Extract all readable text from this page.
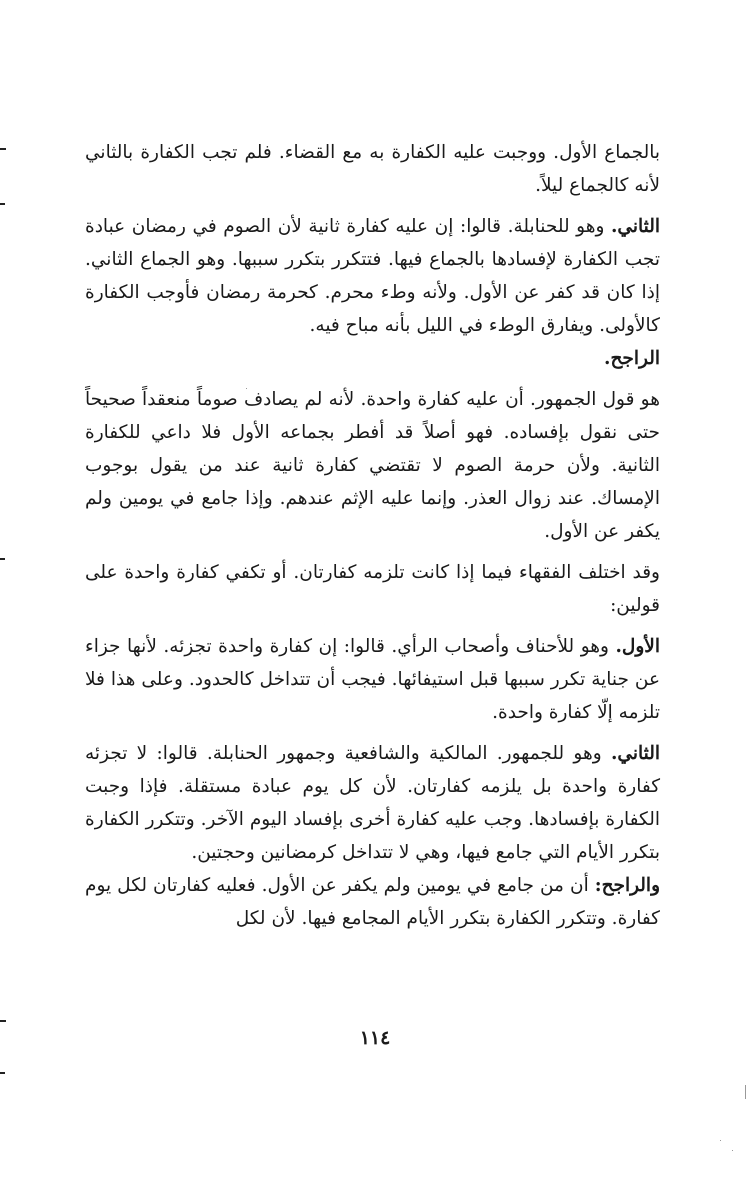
بالجماع الأول. ووجبت عليه الكفارة به مع القضاء. فلم تجب الكفارة بالثاني لأنه كالجماع ليلاً.

الثاني. وهو للحنابلة. قالوا: إن عليه كفارة ثانية لأن الصوم في رمضان عبادة تجب الكفارة لإفسادها بالجماع فيها. فتتكرر بتكرر سببها. وهو الجماع الثاني. إذا كان قد كفر عن الأول. ولأنه وطء محرم. كحرمة رمضان فأوجب الكفارة كالأولى. ويفارق الوطء في الليل بأنه مباح فيه.

الراجح.

هو قول الجمهور. أن عليه كفارة واحدة. لأنه لم يصادف صوماً منعقداً صحيحاً حتى نقول بإفساده. فهو أصلاً قد أفطر بجماعه الأول فلا داعي للكفارة الثانية. ولأن حرمة الصوم لا تقتضي كفارة ثانية عند من يقول بوجوب الإمساك. عند زوال العذر. وإنما عليه الإثم عندهم. وإذا جامع في يومين ولم يكفر عن الأول.

وقد اختلف الفقهاء فيما إذا كانت تلزمه كفارتان. أو تكفي كفارة واحدة على قولين:

الأول. وهو للأحناف وأصحاب الرأي. قالوا: إن كفارة واحدة تجزئه. لأنها جزاء عن جناية تكرر سببها قبل استيفائها. فيجب أن تتداخل كالحدود. وعلى هذا فلا تلزمه إلّا كفارة واحدة.

الثاني. وهو للجمهور. المالكية والشافعية وجمهور الحنابلة. قالوا: لا تجزئه كفارة واحدة بل يلزمه كفارتان. لأن كل يوم عبادة مستقلة. فإذا وجبت الكفارة بإفسادها. وجب عليه كفارة أخرى بإفساد اليوم الآخر. وتتكرر الكفارة بتكرر الأيام التي جامع فيها، وهي لا تتداخل كرمضانين وحجتين.

والراجح: أن من جامع في يومين ولم يكفر عن الأول. فعليه كفارتان لكل يوم كفارة. وتتكرر الكفارة بتكرر الأيام المجامع فيها. لأن لكل

١١٤
